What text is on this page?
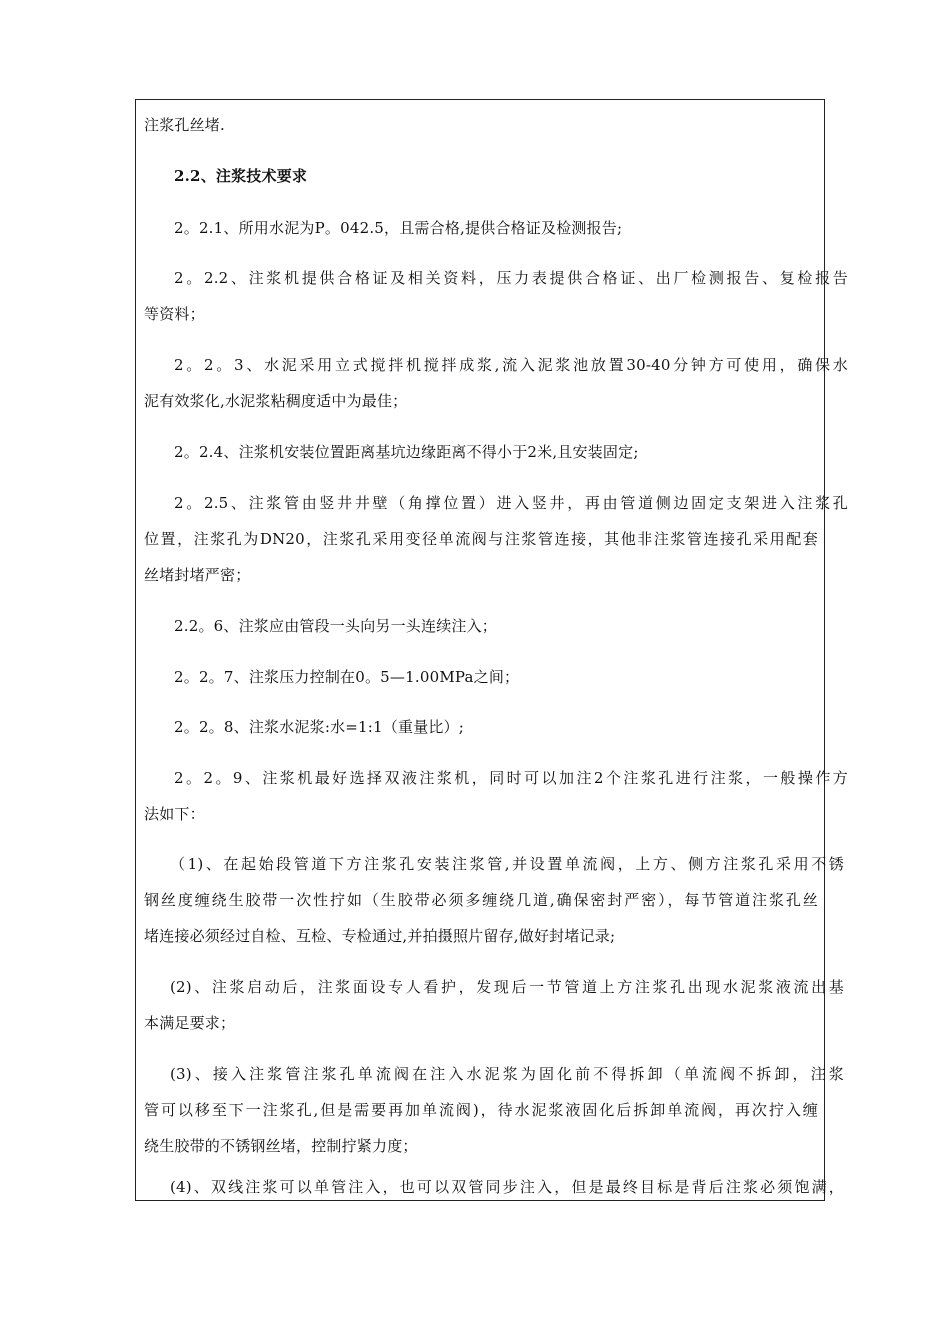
注浆孔丝堵.
2.2、注浆技术要求
2。2.1、所用水泥为P。042.5，且需合格,提供合格证及检测报告;
2。2.2、注浆机提供合格证及相关资料，压力表提供合格证、出厂检测报告、复检报告
等资料；
2。2。3、水泥采用立式搅拌机搅拌成浆,流入泥浆池放置30-40分钟方可使用，确保水
泥有效浆化,水泥浆粘稠度适中为最佳；
2。2.4、注浆机安装位置距离基坑边缘距离不得小于2米,且安装固定;
2。2.5、注浆管由竖井井壁（角撑位置）进入竖井，再由管道侧边固定支架进入注浆孔
位置，注浆孔为DN20，注浆孔采用变径单流阀与注浆管连接，其他非注浆管连接孔采用配套
丝堵封堵严密；
2.2。6、注浆应由管段一头向另一头连续注入；
2。2。7、注浆压力控制在0。5—1.00MPa之间；
2。2。8、注浆水泥浆:水=1:1（重量比）;
2。2。9、注浆机最好选择双液注浆机，同时可以加注2个注浆孔进行注浆，一般操作方
法如下：
（1)、在起始段管道下方注浆孔安装注浆管,并设置单流阀，上方、侧方注浆孔采用不锈
钢丝度缠绕生胶带一次性拧如（生胶带必须多缠绕几道,确保密封严密），每节管道注浆孔丝
堵连接必须经过自检、互检、专检通过,并拍摄照片留存,做好封堵记录;
(2)、注浆启动后，注浆面设专人看护，发现后一节管道上方注浆孔出现水泥浆液流出基
本满足要求；
(3)、接入注浆管注浆孔单流阀在注入水泥浆为固化前不得拆卸（单流阀不拆卸，注浆
管可以移至下一注浆孔,但是需要再加单流阀)，待水泥浆液固化后拆卸单流阀，再次拧入缠
绕生胶带的不锈钢丝堵，控制拧紧力度；
(4)、双线注浆可以单管注入，也可以双管同步注入，但是最终目标是背后注浆必须饱满，
